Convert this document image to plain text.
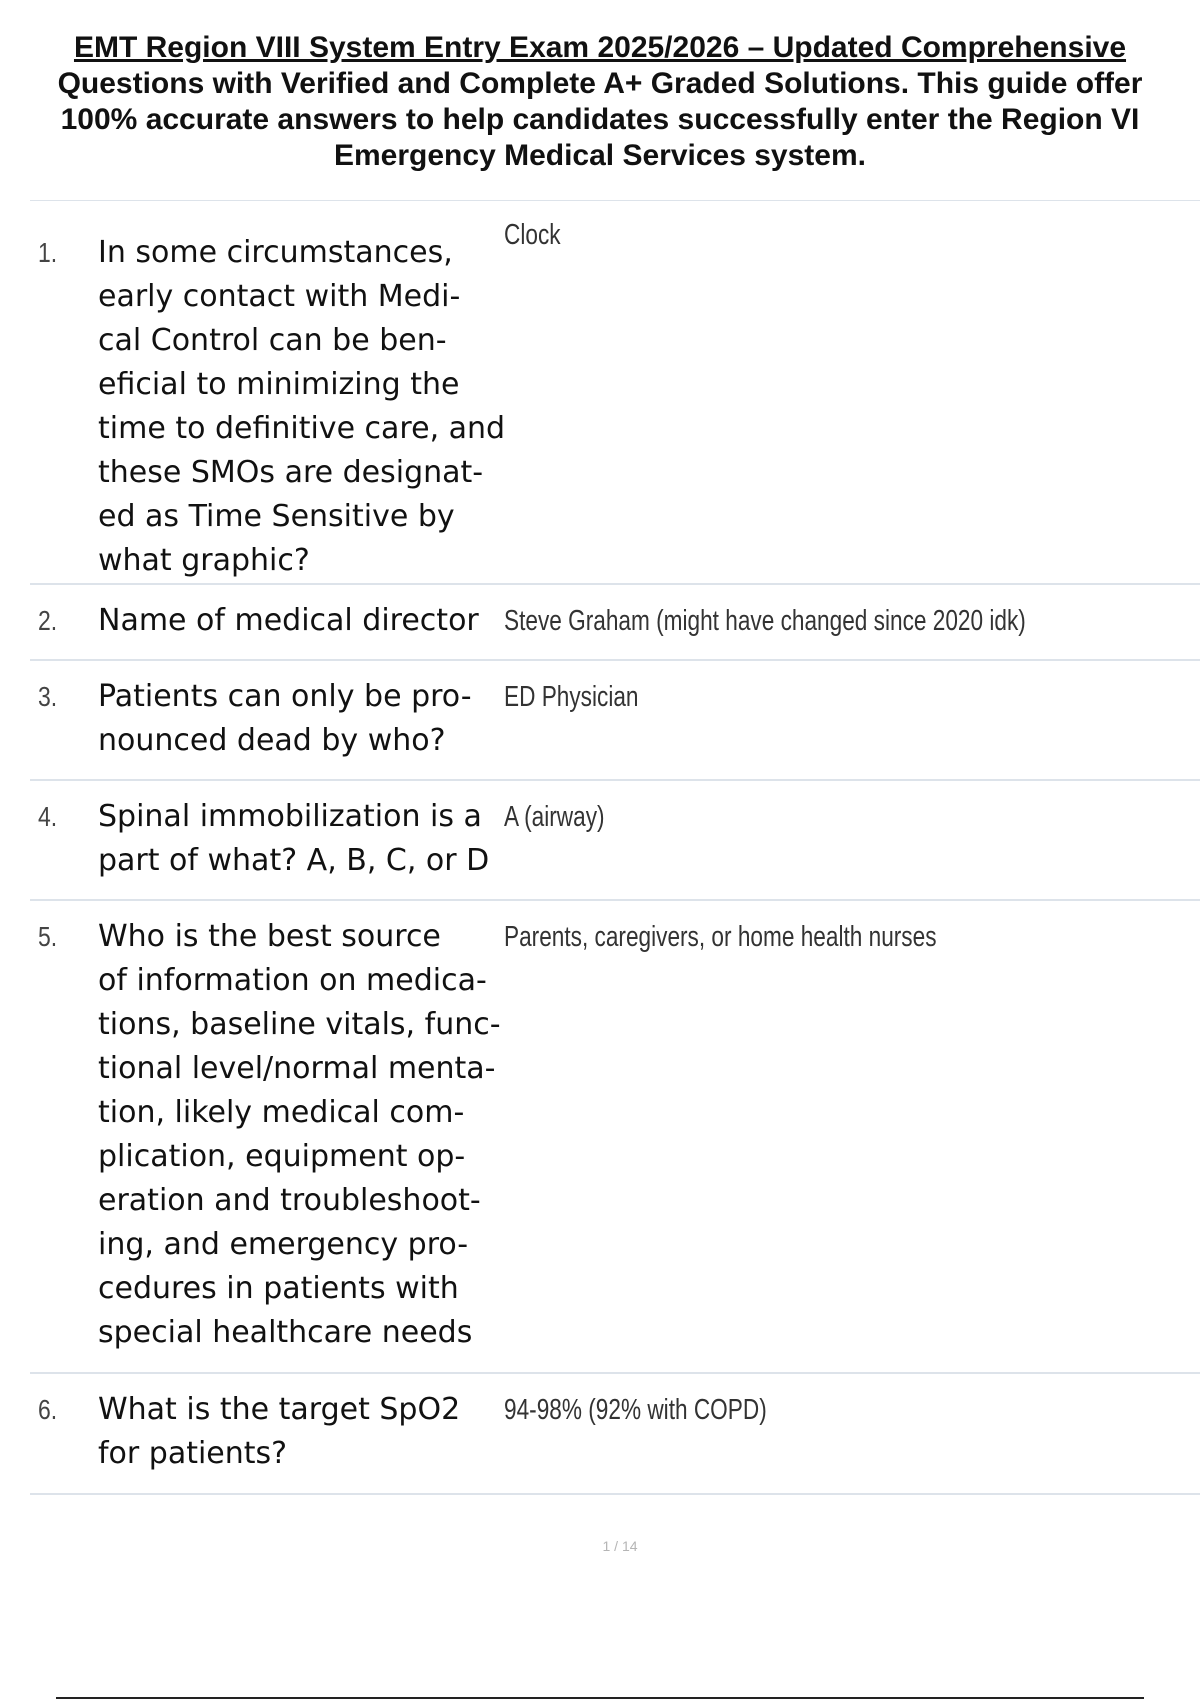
EMT Region VIII System Entry Exam 2025/2026 – Updated Comprehensive
Questions with Verified and Complete A+ Graded Solutions. This guide offer
100% accurate answers to help candidates successfully enter the Region VI
Emergency Medical Services system.
1. In some circumstances,
early contact with Medi-
cal Control can be ben-
eficial to minimizing the
time to definitive care, and
these SMOs are designat-
ed as Time Sensitive by
what graphic?
Clock
2. Name of medical director Steve Graham (might have changed since 2020 idk)
3. Patients can only be pro-
nounced dead by who?
ED Physician
4. Spinal immobilization is a
part of what? A, B, C, or D
A (airway)
5. Who is the best source
of information on medica-
tions, baseline vitals, func-
tional level/normal menta-
tion, likely medical com-
plication, equipment op-
eration and troubleshoot-
ing, and emergency pro-
cedures in patients with
special healthcare needs
Parents, caregivers, or home health nurses
6. What is the target SpO2
for patients?
94-98% (92% with COPD)
1 / 14
